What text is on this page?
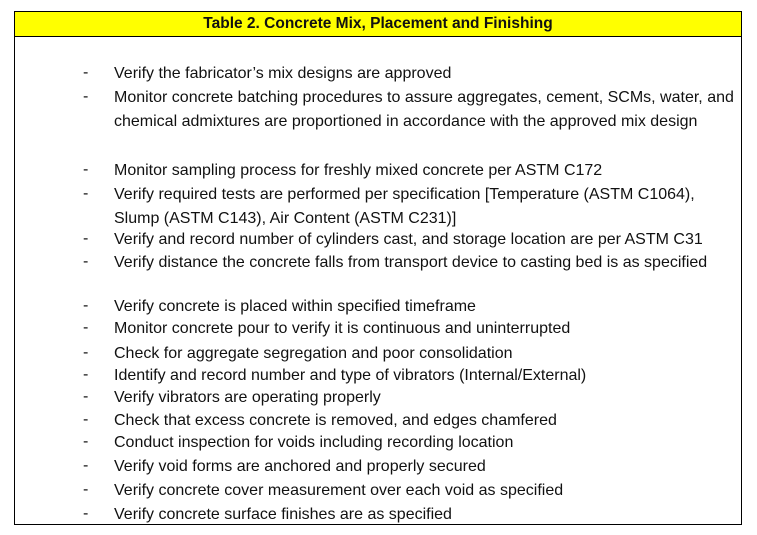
Table 2. Concrete Mix, Placement and Finishing
- Verify the fabricator’s mix designs are approved
- Monitor concrete batching procedures to assure aggregates, cement, SCMs, water, and chemical admixtures are proportioned in accordance with the approved mix design
- Monitor sampling process for freshly mixed concrete per ASTM C172
- Verify required tests are performed per specification [Temperature (ASTM C1064), Slump (ASTM C143), Air Content (ASTM C231)]
- Verify and record number of cylinders cast, and storage location are per ASTM C31
- Verify distance the concrete falls from transport device to casting bed is as specified
- Verify concrete is placed within specified timeframe
- Monitor concrete pour to verify it is continuous and uninterrupted
- Check for aggregate segregation and poor consolidation
- Identify and record number and type of vibrators (Internal/External)
- Verify vibrators are operating properly
- Check that excess concrete is removed, and edges chamfered
- Conduct inspection for voids including recording location
- Verify void forms are anchored and properly secured
- Verify concrete cover measurement over each void as specified
- Verify concrete surface finishes are as specified
